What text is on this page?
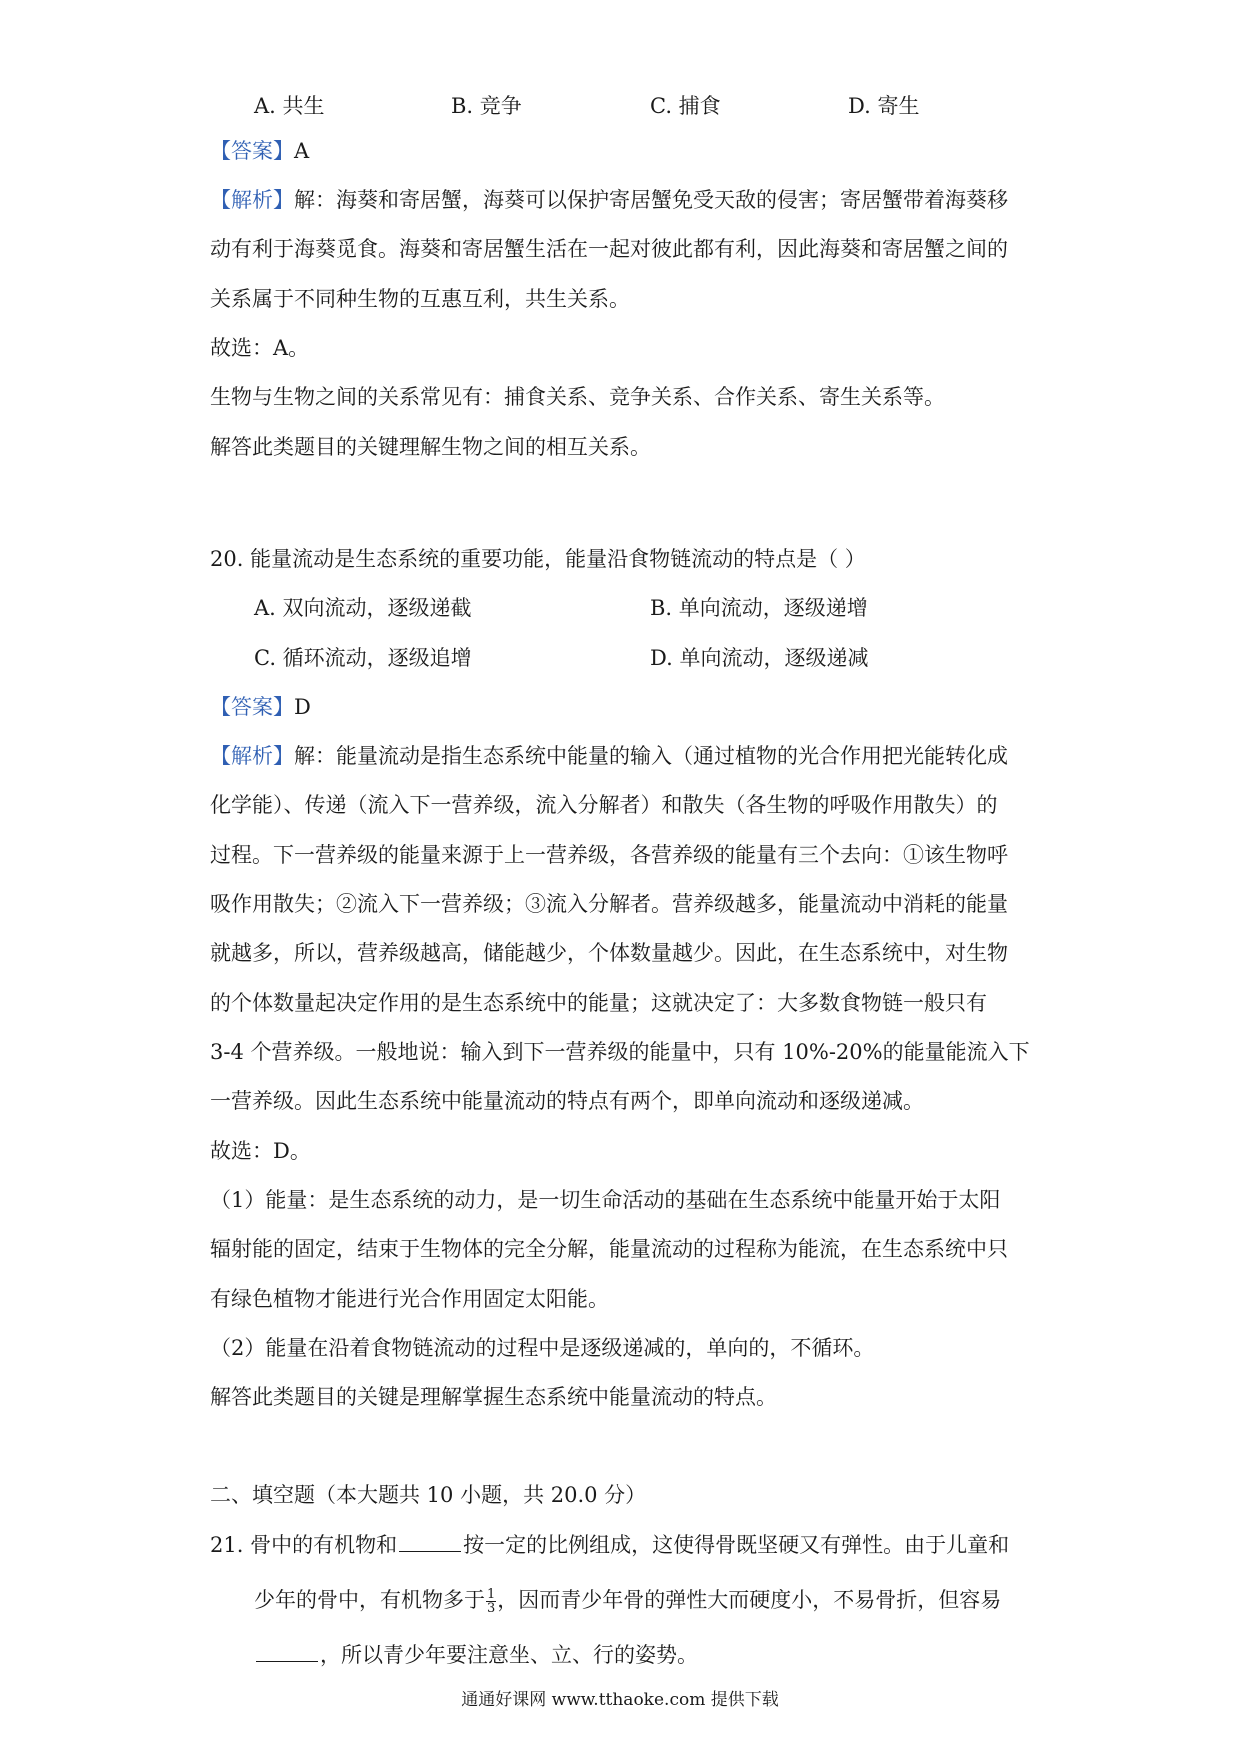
A. 共生	B. 竞争	C. 捕食	D. 寄生
【答案】A
【解析】解：海葵和寄居蟹，海葵可以保护寄居蟹免受天敌的侵害；寄居蟹带着海葵移
动有利于海葵觅食。海葵和寄居蟹生活在一起对彼此都有利，因此海葵和寄居蟹之间的
关系属于不同种生物的互惠互利，共生关系。
故选：A。
生物与生物之间的关系常见有：捕食关系、竞争关系、合作关系、寄生关系等。
解答此类题目的关键理解生物之间的相互关系。
20. 能量流动是生态系统的重要功能，能量沿食物链流动的特点是（ ）
A. 双向流动，逐级递截	B. 单向流动，逐级递增
C. 循环流动，逐级追增	D. 单向流动，逐级递减
【答案】D
【解析】解：能量流动是指生态系统中能量的输入（通过植物的光合作用把光能转化成
化学能）、传递（流入下一营养级，流入分解者）和散失（各生物的呼吸作用散失）的
过程。下一营养级的能量来源于上一营养级，各营养级的能量有三个去向：①该生物呼
吸作用散失；②流入下一营养级；③流入分解者。营养级越多，能量流动中消耗的能量
就越多，所以，营养级越高，储能越少，个体数量越少。因此，在生态系统中，对生物
的个体数量起决定作用的是生态系统中的能量；这就决定了：大多数食物链一般只有
3-4 个营养级。一般地说：输入到下一营养级的能量中，只有 10%-20%的能量能流入下
一营养级。因此生态系统中能量流动的特点有两个，即单向流动和逐级递减。
故选：D。
（1）能量：是生态系统的动力，是一切生命活动的基础在生态系统中能量开始于太阳
辐射能的固定，结束于生物体的完全分解，能量流动的过程称为能流，在生态系统中只
有绿色植物才能进行光合作用固定太阳能。
（2）能量在沿着食物链流动的过程中是逐级递减的，单向的，不循环。
解答此类题目的关键是理解掌握生态系统中能量流动的特点。
二、填空题（本大题共 10 小题，共 20.0 分）
21. 骨中的有机物和	按一定的比例组成，这使得骨既坚硬又有弹性。由于儿童和
少年的骨中，有机物多于 $\frac{1}{3}$ ，因而青少年骨的弹性大而硬度小，不易骨折，但容易
，所以青少年要注意坐、立、行的姿势。
通通好课网 www.tthaoke.com 提供下载
